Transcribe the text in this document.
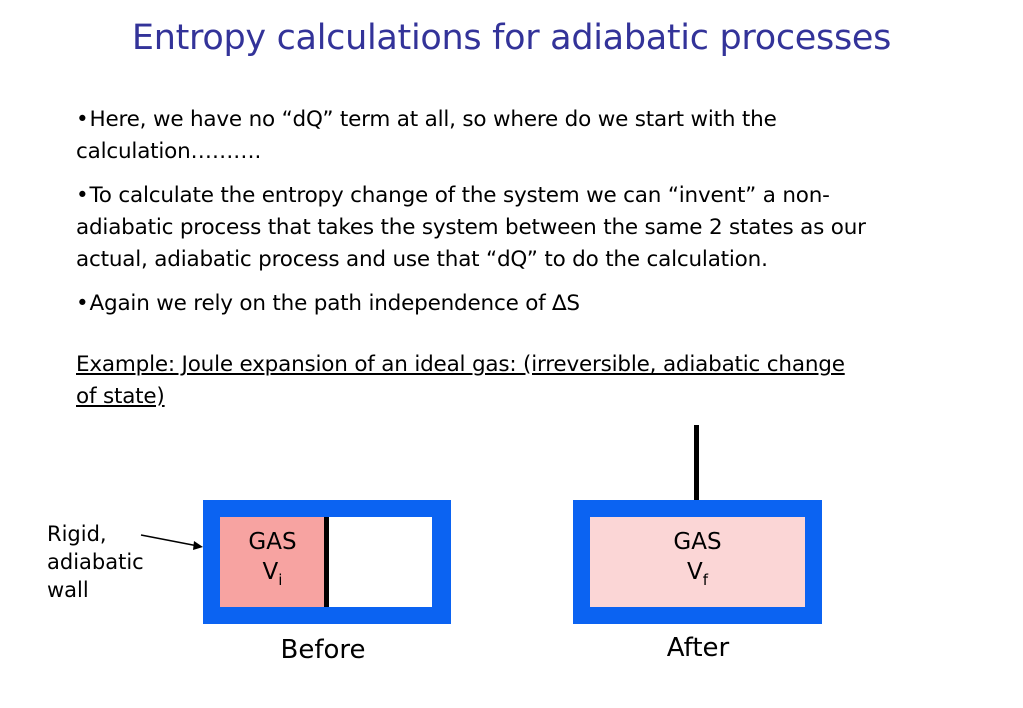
Entropy calculations for adiabatic processes
•Here, we have no “dQ” term at all, so where do we start with the calculation……….
•To calculate the entropy change of the system we can “invent” a non-adiabatic process that takes the system between the same 2 states as our actual, adiabatic process and use that “dQ” to do the calculation.
•Again we rely on the path independence of ∆S
Example: Joule expansion of an ideal gas: (irreversible, adiabatic change of state)
Rigid,
adiabatic
wall
GAS
$V_i$
GAS
$V_f$
Before	After
